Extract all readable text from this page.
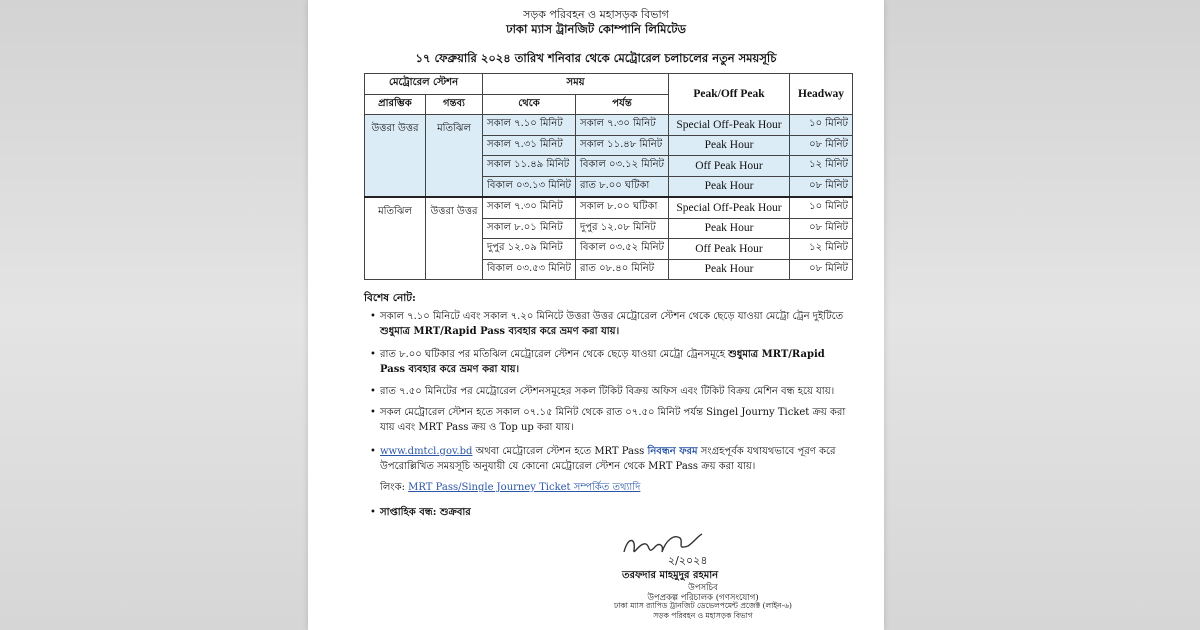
সড়ক পরিবহন ও মহাসড়ক বিভাগ
ঢাকা ম্যাস ট্রানজিট কোম্পানি লিমিটেড
১৭ ফেব্রুয়ারি ২০২৪ তারিখ শনিবার থেকে মেট্রোরেল চলাচলের নতুন সময়সূচি
মেট্রোরেল স্টেশন		সময়		Peak/Off Peak	Headway
প্রারম্ভিক	গন্তব্য	থেকে	পর্যন্ত		
উত্তরা উত্তর	মতিঝিল	সকাল ৭.১০ মিনিট	সকাল ৭.৩০ মিনিট	Special Off-Peak Hour	১০ মিনিট
		সকাল ৭.৩১ মিনিট	সকাল ১১.৪৮ মিনিট	Peak Hour	০৮ মিনিট
		সকাল ১১.৪৯ মিনিট	বিকাল ০৩.১২ মিনিট	Off Peak Hour	১২ মিনিট
		বিকাল ০৩.১৩ মিনিট	রাত ৮.০০ ঘটিকা	Peak Hour	০৮ মিনিট
মতিঝিল	উত্তরা উত্তর	সকাল ৭.৩০ মিনিট	সকাল ৮.০০ ঘটিকা	Special Off-Peak Hour	১০ মিনিট
		সকাল ৮.০১ মিনিট	দুপুর ১২.০৮ মিনিট	Peak Hour	০৮ মিনিট
		দুপুর ১২.০৯ মিনিট	বিকাল ০৩.৫২ মিনিট	Off Peak Hour	১২ মিনিট
		বিকাল ০৩.৫৩ মিনিট	রাত ০৮.৪০ মিনিট	Peak Hour	০৮ মিনিট
বিশেষ নোট:
• সকাল ৭.১০ মিনিটে এবং সকাল ৭.২০ মিনিটে উত্তরা উত্তর মেট্রোরেল স্টেশন থেকে ছেড়ে যাওয়া মেট্রো ট্রেন দুইটিতে
শুধুমাত্র MRT/Rapid Pass ব্যবহার করে ভ্রমণ করা যায়।
• রাত ৮.০০ ঘটিকার পর মতিঝিল মেট্রোরেল স্টেশন থেকে ছেড়ে যাওয়া মেট্রো ট্রেনসমূহে শুধুমাত্র MRT/Rapid
Pass ব্যবহার করে ভ্রমণ করা যায়।
• রাত ৭.৫০ মিনিটের পর মেট্রোরেল স্টেশনসমূহের সকল টিকিট বিক্রয় অফিস এবং টিকিট বিক্রয় মেশিন বন্ধ হয়ে যায়।
• সকল মেট্রোরেল স্টেশন হতে সকাল ০৭.১৫ মিনিট থেকে রাত ০৭.৫০ মিনিট পর্যন্ত Singel Journy Ticket ক্রয় করা
যায় এবং MRT Pass ক্রয় ও Top up করা যায়।
• www.dmtcl.gov.bd অথবা মেট্রোরেল স্টেশন হতে MRT Pass নিবন্ধন ফরম সংগ্রহপূর্বক যথাযথভাবে পূরণ করে
উপরোল্লিখিত সময়সূচি অনুযায়ী যে কোনো মেট্রোরেল স্টেশন থেকে MRT Pass ক্রয় করা যায়।
লিংক: MRT Pass/Single Journey Ticket সম্পর্কিত তথ্যাদি
• সাপ্তাহিক বন্ধ: শুক্রবার
২/২০২৪
তরফদার মাহমুদুর রহমান
উপসচিব
উপপ্রকল্প পরিচালক (গণসংযোগ)
ঢাকা ম্যাস র‍্যাপিড ট্রানজিট ডেভেলপমেন্ট প্রজেক্ট (লাইন-৬)
সড়ক পরিবহন ও মহাসড়ক বিভাগ
